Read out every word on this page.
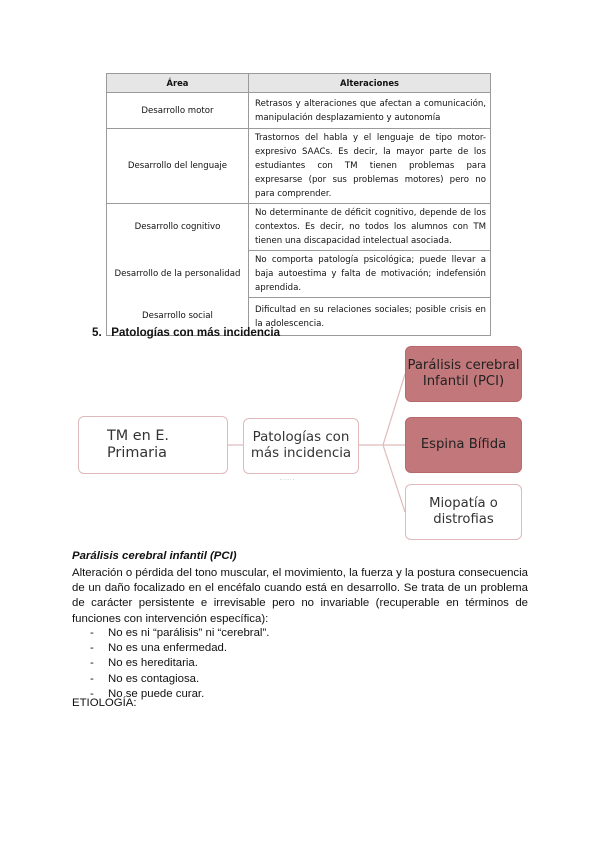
Área	Alteraciones
Desarrollo motor	Retrasos y alteraciones que afectan a comunicación, manipulación desplazamiento y autonomía
Desarrollo del lenguaje	Trastornos del habla y el lenguaje de tipo motor-expresivo SAACs. Es decir, la mayor parte de los estudiantes con TM tienen problemas para expresarse (por sus problemas motores) pero no para comprender.
Desarrollo cognitivo	No determinante de déficit cognitivo, depende de los contextos. Es decir, no todos los alumnos con TM tienen una discapacidad intelectual asociada.
Desarrollo de la personalidad	No comporta patología psicológica; puede llevar a baja autoestima y falta de motivación; indefensión aprendida.
Desarrollo social	Dificultad en su relaciones sociales; posible crisis en la adolescencia.
5. Patologías con más incidencia
TM en E. Primaria
Patologías con más incidencia
·· · ·· · ·
Parálisis cerebral Infantil (PCI)
Espina Bífida
Miopatía o distrofias
Parálisis cerebral infantil (PCI)
Alteración o pérdida del tono muscular, el movimiento, la fuerza y la postura consecuencia de un daño focalizado en el encéfalo cuando está en desarrollo. Se trata de un problema de carácter persistente e irrevisable pero no invariable (recuperable en términos de funciones con intervención específica):
-	No es ni “parálisis” ni “cerebral”.
-	No es una enfermedad.
-	No es hereditaria.
-	No es contagiosa.
-	No se puede curar.
ETIOLOGÍA:
